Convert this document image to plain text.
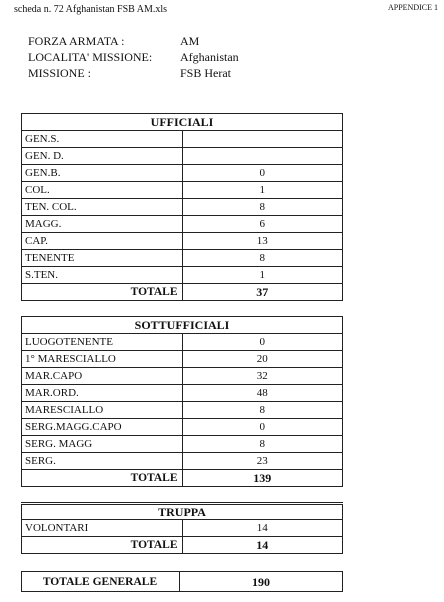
scheda n. 72 Afghanistan FSB AM.xls	APPENDICE 1
FORZA ARMATA :	AM
LOCALITA' MISSIONE: Afghanistan
MISSIONE :	FSB Herat
UFFICIALI	
GEN.S.	
GEN. D.	
GEN.B.	0
COL.	1
TEN. COL.	8
MAGG.	6
CAP.	13
TENENTE	8
S.TEN.	1
TOTALE	37
SOTTUFFICIALI	
LUOGOTENENTE	0
1° MARESCIALLO	20
MAR.CAPO	32
MAR.ORD.	48
MARESCIALLO	8
SERG.MAGG.CAPO	0
SERG. MAGG	8
SERG.	23
TOTALE	139
TRUPPA	
VOLONTARI	14
TOTALE	14
TOTALE GENERALE	190
